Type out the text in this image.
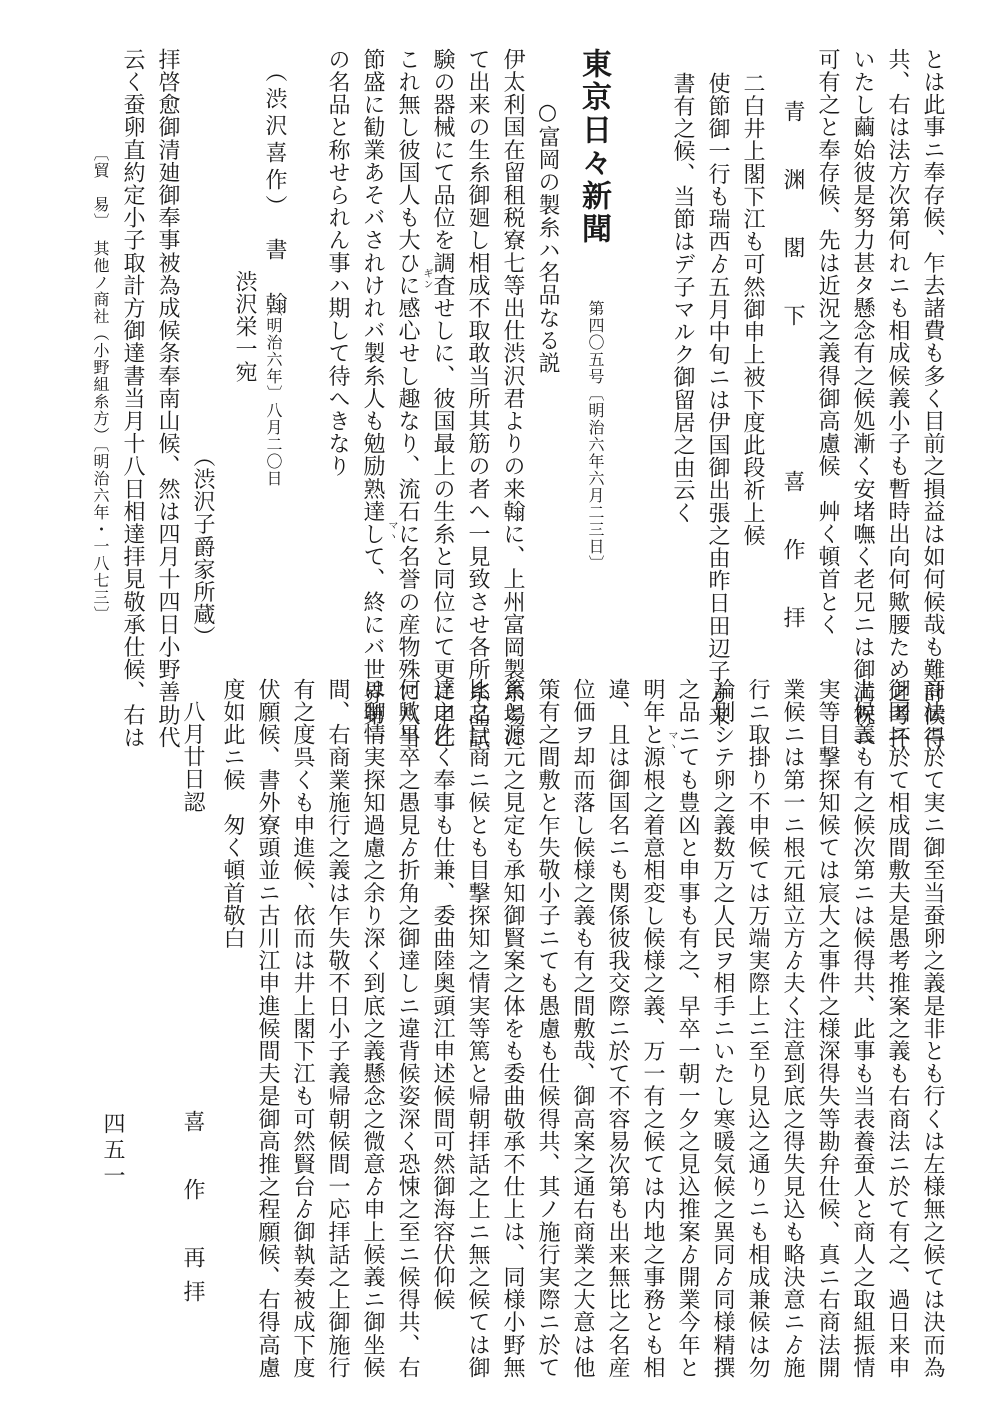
とは此事ニ奉存候、乍去諸費も多く目前之損益は如何候哉も難計候得
共、右は法方次第何れニも相成候義小子も暫時出向何歟腰ため之考抔
いたし繭始彼是努力甚タ懸念有之候処漸く安堵嘸く老兄ニは御満祝ニ
可有之と奉存候、先は近況之義得御高慮候　艸く頓首とく
青　渊　閣　下
喜　作　拝
二白井上閣下江も可然御申上被下度此段祈上候
使節御一行も瑞西ゟ五月中旬ニは伊国御出張之由昨日田辺子ゟ来
書有之候、当節はデ子マルク御留居之由云く
東京日々新聞
第四〇五号〔明治六年六月二三日〕
○富岡の製糸ハ名品なる説
伊太利国在留租税寮七等出仕渋沢君よりの来翰に、上州富岡製糸場に
て出来の生糸御廻し相成不取敢当所其筋の者へ一見致させ各所糸品試
験の器械にて品位を調査せしに、彼国最上の生糸と同位にて更に甲乙
ギン
これ無し彼国人も大ひに感心せし趣なり、流石に名誉の産物殊に八当
マヽ
節盛に勧業あそバされけれバ製糸人も勉励熟達して、終にバ世界第一
の名品と称せられん事ハ期して待へきなり
（渋沢喜作）　書　翰
渋沢栄一宛 〔明治六年〕八月二〇日
（渋沢子爵家所蔵）
拝啓愈御清廸御奉事被為成候条奉南山候、然は四月十四日小野善助代
云く蚕卵直約定小子取計方御達書当月十八日相達拝見敬承仕候、右は
〔貿　易〕
其他ノ商社（小野組糸方）〔明治六年・一八七三〕
商法ニ於て実ニ御至当蚕卵之義是非とも行くは左様無之候ては決而為
御国ニ於て相成間敷夫是愚考推案之義も右商法ニ於て有之、過日来申
上候義も有之候次第ニは候得共、此事も当表養蚕人と商人之取組振情
実等目撃探知候ては宸大之事件之様深得失等勘弁仕候、真ニ右商法開
業候ニは第一ニ根元組立方ゟ夫く注意到底之得失見込も略決意ニゟ施
行ニ取掛り不申候ては万端実際上ニ至り見込之通りニも相成兼候は勿
論別シテ卵之義数万之人民ヲ相手ニいたし寒暖気候之異同ゟ同様精撰
之品ニても豊凶と申事も有之、早卒一朝一夕之見込推案ゟ開業今年と
マヽ
明年と源根之着意相変し候様之義、万一有之候ては内地之事務とも相
違、且は御国名ニも関係彼我交際ニ於て不容易次第も出来無比之名産
位価ヲ却而落し候様之義も有之間敷哉、御高案之通右商業之大意は他
策有之間敷と乍失敬小子ニても愚慮も仕候得共、其ノ施行実際ニ於て
篤と源元之見定も承知御賢案之体をも委曲敬承不仕上は、同様小野無
比之巨商ニ候とも目撃探知之情実等篤と帰朝拝話之上ニ無之候ては御
達之件く奉事も仕兼、委曲陸奥頭江申述候間可然御海容伏仰候
何歟早卒之愚見ゟ折角之御達しニ違背候姿深く恐悚之至ニ候得共、右
は聊情実探知過慮之余り深く到底之義懸念之微意ゟ申上候義ニ御坐候
間、右商業施行之義は乍失敬不日小子義帰朝候間一応拝話之上御施行
有之度呉くも申進候、依而は井上閣下江も可然賢台ゟ御執奏被成下度
伏願候、書外寮頭並ニ古川江申進候間夫是御高推之程願候、右得高慮
度如此ニ候　匆く頓首敬白
八月廿日認
喜　作　再拝
四五一
